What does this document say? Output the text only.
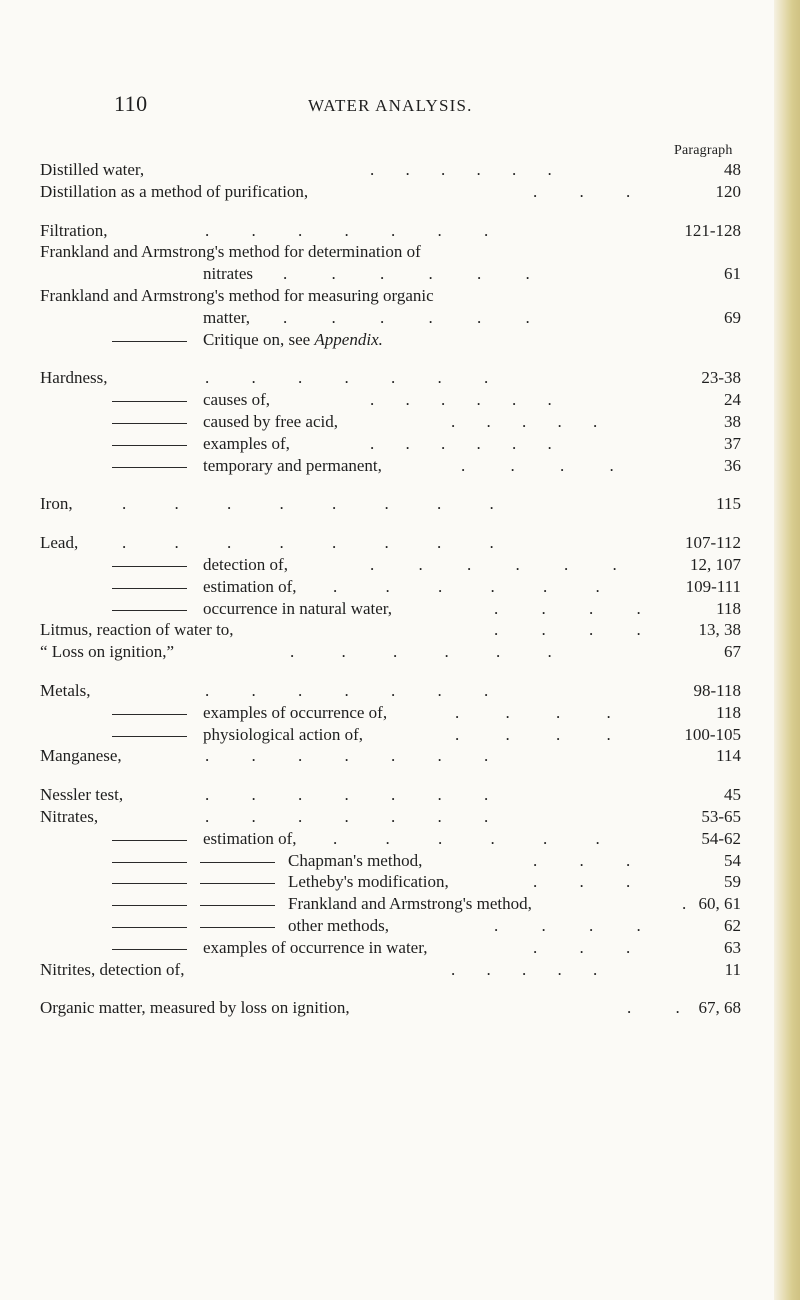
110	WATER ANALYSIS.
Paragraph
Distilled water,	. . . . . .	48
Distillation as a method of purification,	. . .	120
Filtration,	. . . . . . .	121-128
Frankland and Armstrong's method for determination of
nitrates . . . . . .	61
Frankland and Armstrong's method for measuring organic
matter, . . . . . .	69
Critique on, see Appendix.
Hardness,	. . . . . . .	23-38
causes of,	. . . . . .	24
caused by free acid,	. . . . .	38
examples of,	. . . . . .	37
temporary and permanent,	. . . .	36
Iron,	. . . . . . . .	115
Lead,	. . . . . . . .	107-112
detection of,	. . . . . .	12, 107
estimation of, . . . . . .	109-111
occurrence in natural water,	. . . .	118
Litmus, reaction of water to,	. . . .	13, 38
“ Loss on ignition,”	. . . . . .	67
Metals,	. . . . . . .	98-118
examples of occurrence of,	. . . .	118
physiological action of,	. . . .	100-105
Manganese,	. . . . . . .	114
Nessler test,	. . . . . . .	45
Nitrates,	. . . . . . .	53-65
estimation of, . . . . . .	54-62
Chapman's method,	. . .	54
Letheby's modification,	. . .	59
Frankland and Armstrong's method,	. 60, 61
other methods,	. . . .	62
examples of occurrence in water,	. . .	63
Nitrites, detection of,	. . . . .	11
Organic matter, measured by loss on ignition,	. . 67, 68
